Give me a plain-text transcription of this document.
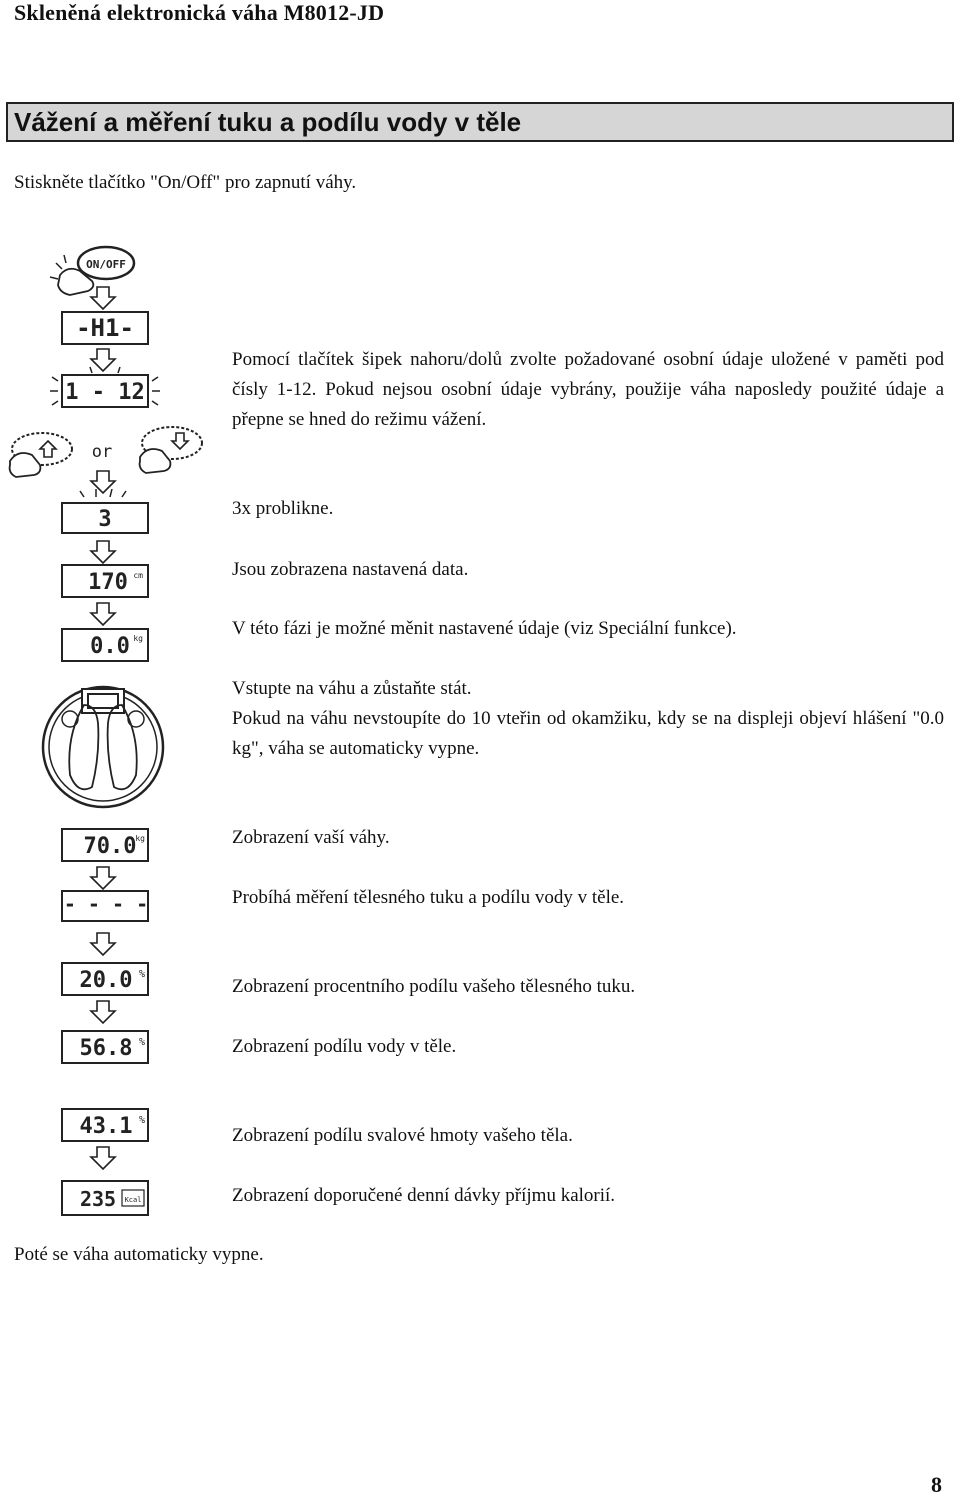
Skleněná elektronická váha M8012-JD
Vážení a měření tuku a podílu vody v těle
Stiskněte tlačítko "On/Off" pro zapnutí váhy.
Pomocí tlačítek šipek nahoru/dolů zvolte požadované osobní údaje uložené v paměti pod čísly 1-12. Pokud nejsou osobní údaje vybrány, použije váha naposledy použité údaje a přepne se hned do režimu vážení.
3x problikne.
Jsou zobrazena nastavená data.
V této fázi je možné měnit nastavené údaje (viz Speciální funkce).
Vstupte na váhu a zůstaňte stát.
Pokud na váhu nevstoupíte do 10 vteřin od okamžiku, kdy se na displeji objeví hlášení "0.0 kg", váha se automaticky vypne.
Zobrazení vaší váhy.
Probíhá měření tělesného tuku a podílu vody v těle.
Zobrazení procentního podílu vašeho tělesného tuku.
Zobrazení podílu vody v těle.
Zobrazení podílu svalové hmoty vašeho těla.
Zobrazení doporučené denní dávky příjmu kalorií.
Poté se váha automaticky vypne.
8
ON/OFF
-H1-
1 - 12
or
3
170 cm
0.0 kg
70.0
kg
- - - -
20.0 %
56.8 %
43.1 %
235 Kcal
